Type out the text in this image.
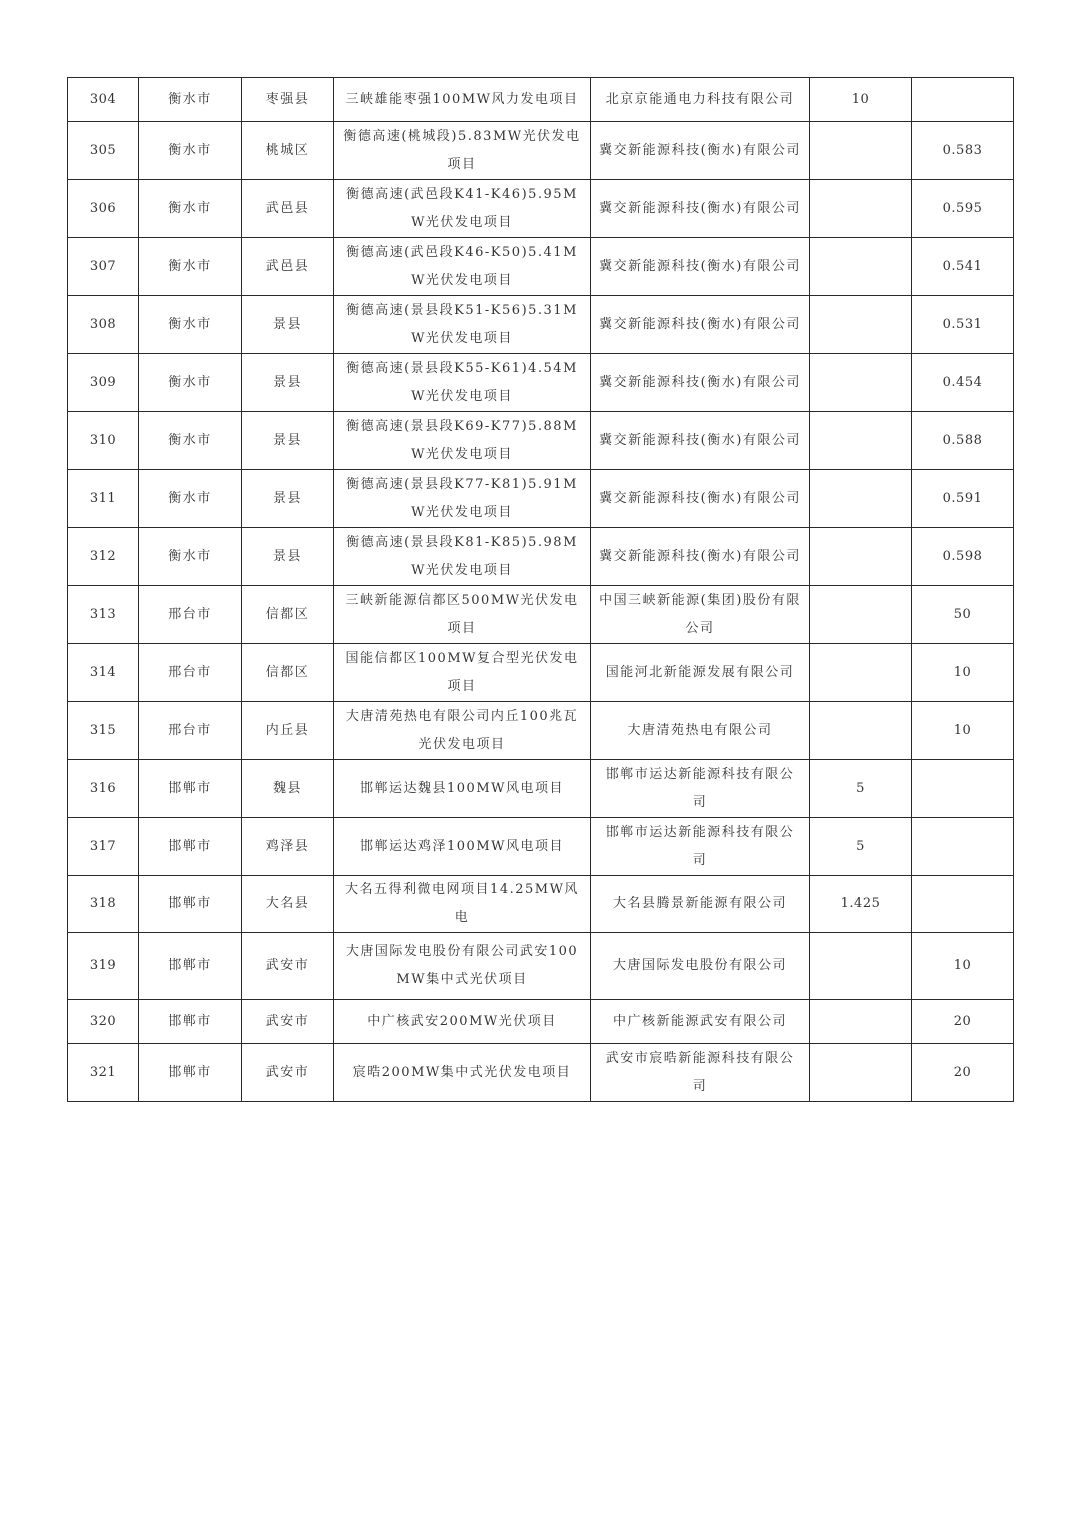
304	衡水市	枣强县	三峡雄能枣强100MW风力发电项目	北京京能通电力科技有限公司	10	
305	衡水市	桃城区	衡德高速(桃城段)5.83MW光伏发电项目	冀交新能源科技(衡水)有限公司		0.583
306	衡水市	武邑县	衡德高速(武邑段K41-K46)5.95MW光伏发电项目	冀交新能源科技(衡水)有限公司		0.595
307	衡水市	武邑县	衡德高速(武邑段K46-K50)5.41MW光伏发电项目	冀交新能源科技(衡水)有限公司		0.541
308	衡水市	景县	衡德高速(景县段K51-K56)5.31MW光伏发电项目	冀交新能源科技(衡水)有限公司		0.531
309	衡水市	景县	衡德高速(景县段K55-K61)4.54MW光伏发电项目	冀交新能源科技(衡水)有限公司		0.454
310	衡水市	景县	衡德高速(景县段K69-K77)5.88MW光伏发电项目	冀交新能源科技(衡水)有限公司		0.588
311	衡水市	景县	衡德高速(景县段K77-K81)5.91MW光伏发电项目	冀交新能源科技(衡水)有限公司		0.591
312	衡水市	景县	衡德高速(景县段K81-K85)5.98MW光伏发电项目	冀交新能源科技(衡水)有限公司		0.598
313	邢台市	信都区	三峡新能源信都区500MW光伏发电项目	中国三峡新能源(集团)股份有限公司		50
314	邢台市	信都区	国能信都区100MW复合型光伏发电项目	国能河北新能源发展有限公司		10
315	邢台市	内丘县	大唐清苑热电有限公司内丘100兆瓦光伏发电项目	大唐清苑热电有限公司		10
316	邯郸市	魏县	邯郸运达魏县100MW风电项目	邯郸市运达新能源科技有限公司	5	
317	邯郸市	鸡泽县	邯郸运达鸡泽100MW风电项目	邯郸市运达新能源科技有限公司	5	
318	邯郸市	大名县	大名五得利微电网项目14.25MW风电	大名县腾景新能源有限公司	1.425	
319	邯郸市	武安市	大唐国际发电股份有限公司武安100MW集中式光伏项目	大唐国际发电股份有限公司		10
320	邯郸市	武安市	中广核武安200MW光伏项目	中广核新能源武安有限公司		20
321	邯郸市	武安市	宸晧200MW集中式光伏发电项目	武安市宸晧新能源科技有限公司		20
